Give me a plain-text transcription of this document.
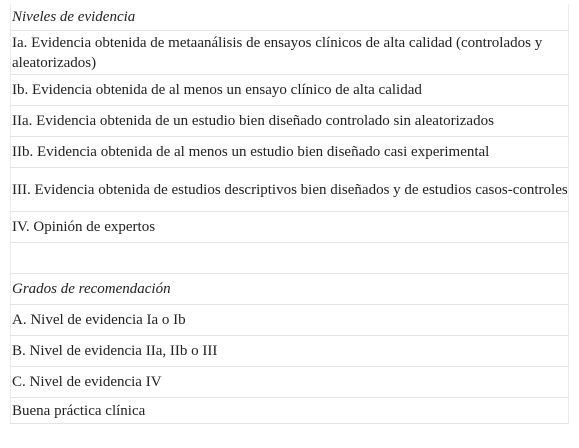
Niveles de evidencia
Ia. Evidencia obtenida de metaanálisis de ensayos clínicos de alta calidad (controlados y aleatorizados)
Ib. Evidencia obtenida de al menos un ensayo clínico de alta calidad
IIa. Evidencia obtenida de un estudio bien diseñado controlado sin aleatorizados
IIb. Evidencia obtenida de al menos un estudio bien diseñado casi experimental
III. Evidencia obtenida de estudios descriptivos bien diseñados y de estudios casos-controles
IV. Opinión de expertos

Grados de recomendación
A. Nivel de evidencia Ia o Ib
B. Nivel de evidencia IIa, IIb o III
C. Nivel de evidencia IV
Buena práctica clínica
